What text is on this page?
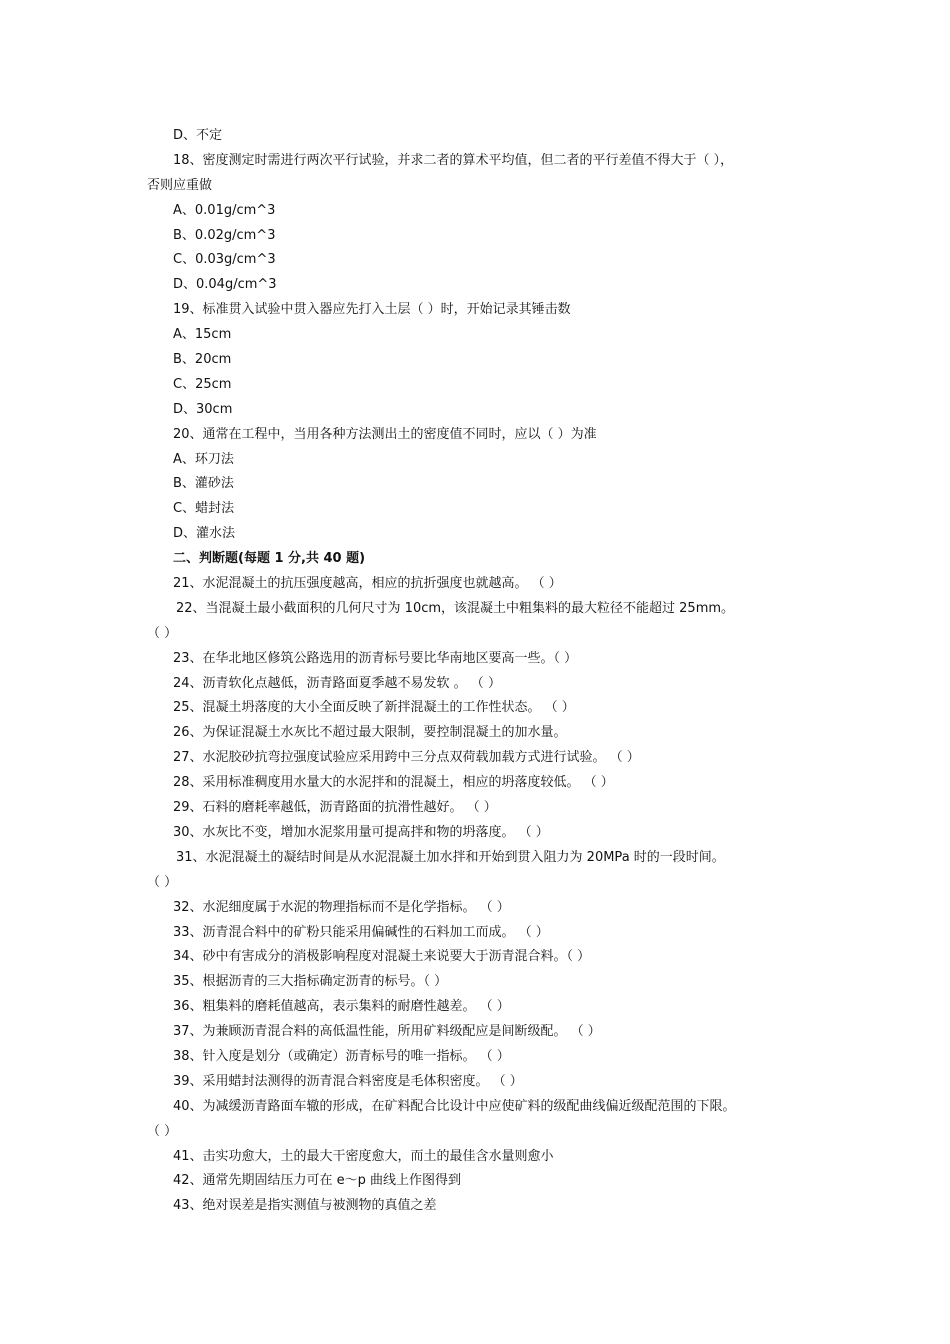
D、不定
18、密度测定时需进行两次平行试验，并求二者的算术平均值，但二者的平行差值不得大于（ ），
否则应重做
A、0.01g/cm^3
B、0.02g/cm^3
C、0.03g/cm^3
D、0.04g/cm^3
19、标准贯入试验中贯入器应先打入土层（ ）时，开始记录其锤击数
A、15cm
B、20cm
C、25cm
D、30cm
20、通常在工程中，当用各种方法测出土的密度值不同时，应以（ ）为准
A、环刀法
B、灌砂法
C、蜡封法
D、灌水法
二、判断题(每题 1 分,共 40 题)
21、水泥混凝土的抗压强度越高，相应的抗折强度也就越高。 （ ）
22、当混凝土最小截面积的几何尺寸为 10cm，该混凝土中粗集料的最大粒径不能超过 25mm。
（ ）
23、在华北地区修筑公路选用的沥青标号要比华南地区要高一些。（ ）
24、沥青软化点越低，沥青路面夏季越不易发软 。 （ ）
25、混凝土坍落度的大小全面反映了新拌混凝土的工作性状态。 （ ）
26、为保证混凝土水灰比不超过最大限制，要控制混凝土的加水量。
27、水泥胶砂抗弯拉强度试验应采用跨中三分点双荷载加载方式进行试验。 （ ）
28、采用标准稠度用水量大的水泥拌和的混凝土，相应的坍落度较低。 （ ）
29、石料的磨耗率越低，沥青路面的抗滑性越好。 （ ）
30、水灰比不变，增加水泥浆用量可提高拌和物的坍落度。 （ ）
31、水泥混凝土的凝结时间是从水泥混凝土加水拌和开始到贯入阻力为 20MPa 时的一段时间。
（ ）
32、水泥细度属于水泥的物理指标而不是化学指标。 （ ）
33、沥青混合料中的矿粉只能采用偏碱性的石料加工而成。 （ ）
34、砂中有害成分的消极影响程度对混凝土来说要大于沥青混合料。（ ）
35、根据沥青的三大指标确定沥青的标号。（ ）
36、粗集料的磨耗值越高，表示集料的耐磨性越差。 （ ）
37、为兼顾沥青混合料的高低温性能，所用矿料级配应是间断级配。 （ ）
38、针入度是划分（或确定）沥青标号的唯一指标。 （ ）
39、采用蜡封法测得的沥青混合料密度是毛体积密度。 （ ）
40、为减缓沥青路面车辙的形成，在矿料配合比设计中应使矿料的级配曲线偏近级配范围的下限。
（ ）
41、击实功愈大，土的最大干密度愈大，而土的最佳含水量则愈小
42、通常先期固结压力可在 e～p 曲线上作图得到
43、绝对误差是指实测值与被测物的真值之差
